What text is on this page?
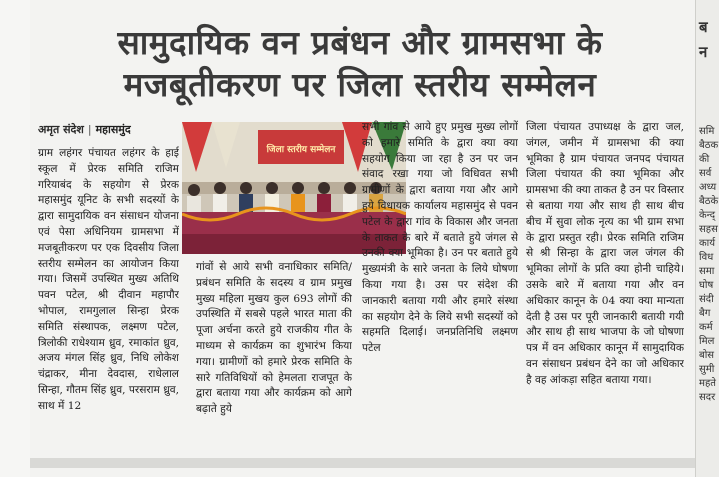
सामुदायिक वन प्रबंधन और ग्रामसभा के
मजबूतीकरण पर जिला स्तरीय सम्मेलन
अमृत संदेश | महासमुंद

ग्राम लहंगर पंचायत लहंगर के हाई स्कूल में प्रेरक समिति राजिम गरियाबंद के सहयोग से प्रेरक महासमुंद यूनिट के सभी सदस्यों के द्वारा सामुदायिक वन संसाधन योजना एवं पेसा अधिनियम ग्रामसभा में मजबूतीकरण पर एक दिवसीय जिला स्तरीय सम्मेलन का आयोजन किया गया। जिसमें उपस्थित मुख्य अतिथि पवन पटेल, श्री दीवान महापौर भोपाल, रामगुलाल सिन्हा प्रेरक समिति संस्थापक, लक्ष्मण पटेल, त्रिलोकी राधेश्याम ध्रुव, रमाकांत ध्रुव, अजय मंगल सिंह ध्रुव, निधि लोकेश चंद्राकर, मीना देवदास, राधेलाल सिन्हा, गौतम सिंह ध्रुव, परसराम ध्रुव, साथ में 12

जिला स्तरीय सम्मेलन

गांवों से आये सभी वनाधिकार समिति/प्रबंधन समिति के सदस्य व ग्राम प्रमुख मुख्य महिला मुखय कुल 693 लोगों की उपस्थिति में सबसे पहले भारत माता की पूजा अर्चना करते हुये राजकीय गीत के माध्यम से कार्यक्रम का शुभारंभ किया गया। ग्रामीणों को हमारे प्रेरक समिति के सारे गतिविधियों को हेमलता राजपूत के द्वारा बताया गया और कार्यक्रम को आगे बढ़ाते हुये

सभी गांव से आये हुए प्रमुख मुख्य लोगों को हमारे समिति के द्वारा क्या क्या सहयोग किया जा रहा है उन पर जन संवाद रखा गया जो विधिवत सभी ग्रामीणों के द्वारा बताया गया और आगे हुये विधायक कार्यालय महासमुंद से पवन पटेल के द्वारा गांव के विकास और जनता के ताकत के बारे में बताते हुये जंगल से उनकी क्या भूमिका है। उन पर बताते हुये मुख्यमंत्री के सारे जनता के लिये घोषणा किया गया है। उस पर संदेश की जानकारी बताया गयी और हमारे संस्था का सहयोग देने के लिये सभी सदस्यों को सहमति दिलाई। जनप्रतिनिधि लक्ष्मण पटेल

जिला पंचायत उपाध्यक्ष के द्वारा जल, जंगल, जमीन में ग्रामसभा की क्या भूमिका है ग्राम पंचायत जनपद पंचायत जिला पंचायत की क्या भूमिका और ग्रामसभा की क्या ताकत है उन पर विस्तार से बताया गया और साथ ही साथ बीच बीच में सुवा लोक नृत्य का भी ग्राम सभा के द्वारा प्रस्तुत रही। प्रेरक समिति राजिम से श्री सिन्हा के द्वारा जल जंगल की भूमिका लोगों के प्रति क्या होनी चाहिये। उसके बारे में बताया गया और वन अधिकार कानून के 04 क्या क्या मान्यता देती है उस पर पूरी जानकारी बतायी गयी और साथ ही साथ भाजपा के जो घोषणा पत्र में वन अधिकार कानून में सामुदायिक वन संसाधन प्रबंधन देने का जो अधिकार है वह आंकड़ा सहित बताया गया।

ब

न

समि

बैठक

की

सर्व

अध्य

बैठके

केन्द्

सहस

कार्य

विध

समा

घोष

संदी

बैग

कर्म

मिल

बोस

सुमी

महते

सदर
